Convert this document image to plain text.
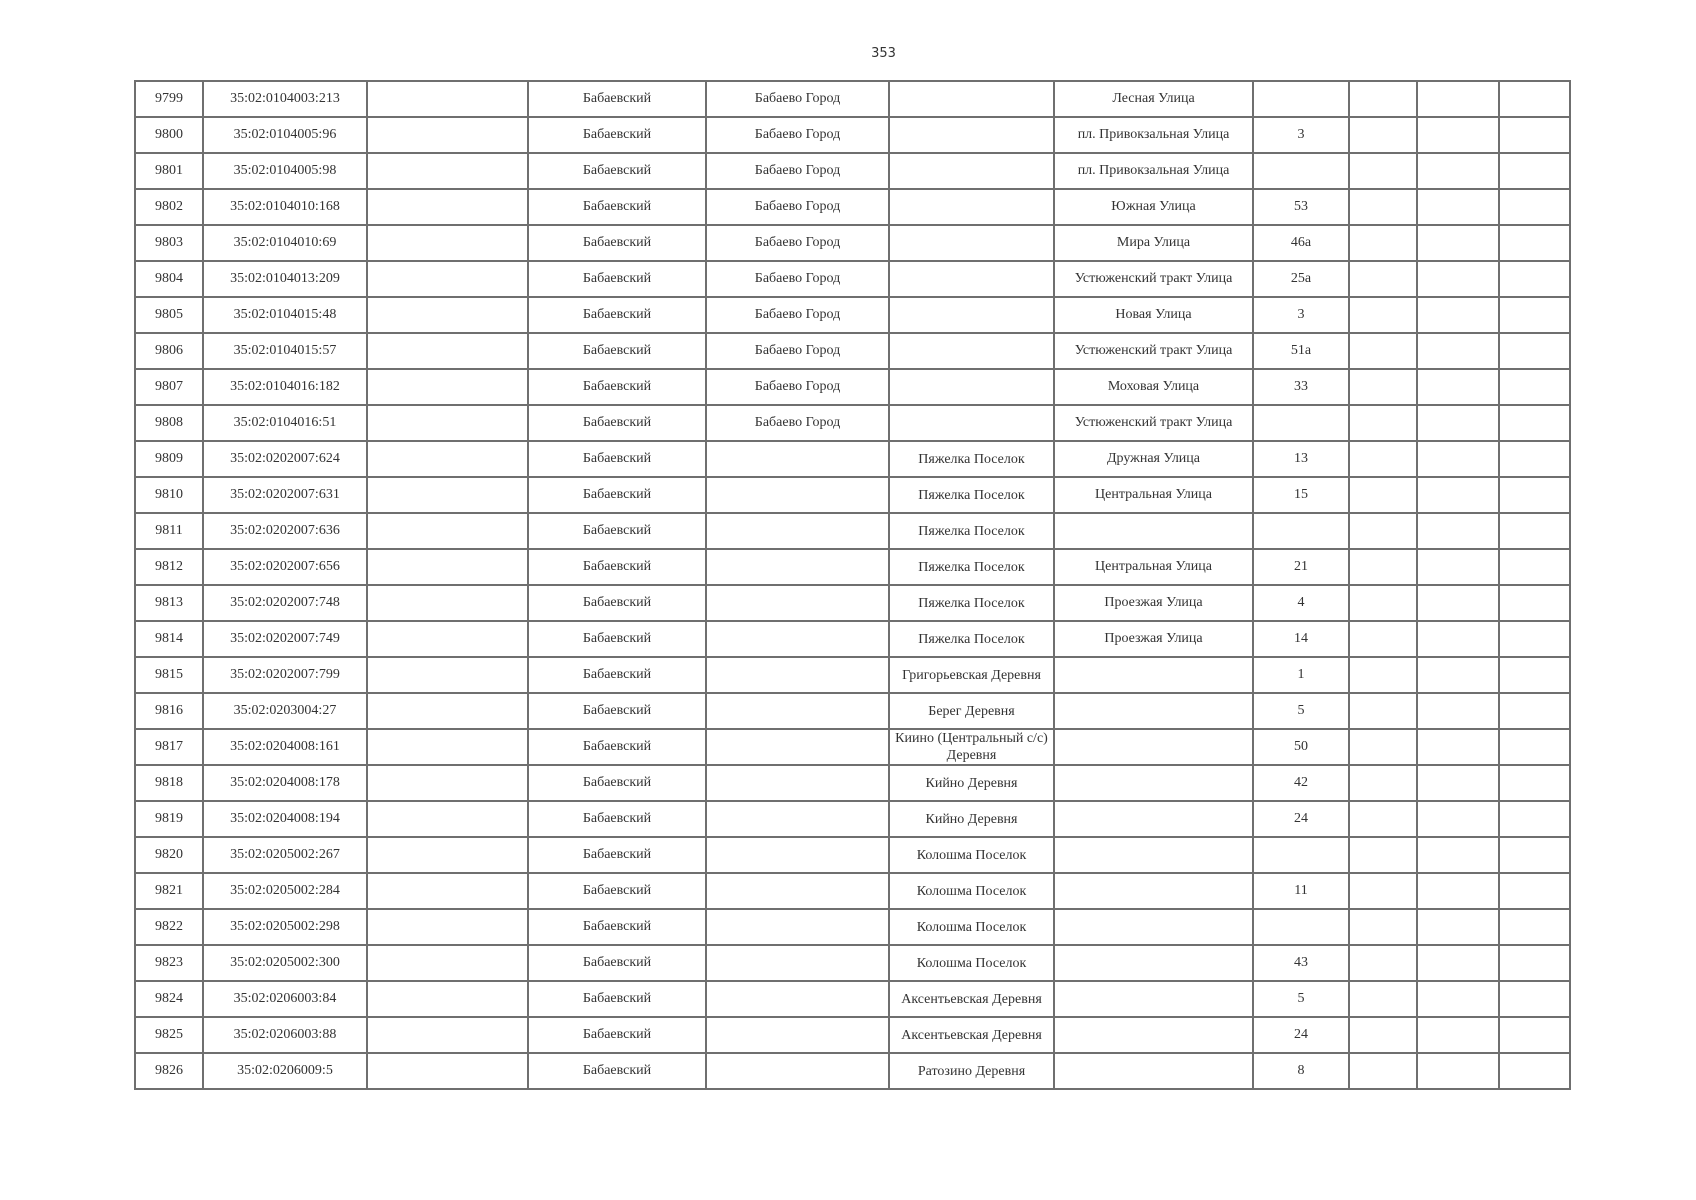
353
9799	35:02:0104003:213		Бабаевский	Бабаево Город		Лесная Улица				
9800	35:02:0104005:96		Бабаевский	Бабаево Город		пл. Привокзальная Улица	3			
9801	35:02:0104005:98		Бабаевский	Бабаево Город		пл. Привокзальная Улица				
9802	35:02:0104010:168		Бабаевский	Бабаево Город		Южная Улица	53			
9803	35:02:0104010:69		Бабаевский	Бабаево Город		Мира Улица	46а			
9804	35:02:0104013:209		Бабаевский	Бабаево Город		Устюженский тракт Улица	25а			
9805	35:02:0104015:48		Бабаевский	Бабаево Город		Новая Улица	3			
9806	35:02:0104015:57		Бабаевский	Бабаево Город		Устюженский тракт Улица	51а			
9807	35:02:0104016:182		Бабаевский	Бабаево Город		Моховая Улица	33			
9808	35:02:0104016:51		Бабаевский	Бабаево Город		Устюженский тракт Улица				
9809	35:02:0202007:624		Бабаевский		Пяжелка Поселок	Дружная Улица	13			
9810	35:02:0202007:631		Бабаевский		Пяжелка Поселок	Центральная Улица	15			
9811	35:02:0202007:636		Бабаевский		Пяжелка Поселок					
9812	35:02:0202007:656		Бабаевский		Пяжелка Поселок	Центральная Улица	21			
9813	35:02:0202007:748		Бабаевский		Пяжелка Поселок	Проезжая Улица	4			
9814	35:02:0202007:749		Бабаевский		Пяжелка Поселок	Проезжая Улица	14			
9815	35:02:0202007:799		Бабаевский		Григорьевская Деревня		1			
9816	35:02:0203004:27		Бабаевский		Берег Деревня		5			
9817	35:02:0204008:161		Бабаевский		Киино (Центральный с/с) Деревня		50			
9818	35:02:0204008:178		Бабаевский		Кийно Деревня		42			
9819	35:02:0204008:194		Бабаевский		Кийно Деревня		24			
9820	35:02:0205002:267		Бабаевский		Колошма Поселок					
9821	35:02:0205002:284		Бабаевский		Колошма Поселок		11			
9822	35:02:0205002:298		Бабаевский		Колошма Поселок					
9823	35:02:0205002:300		Бабаевский		Колошма Поселок		43			
9824	35:02:0206003:84		Бабаевский		Аксентьевская Деревня		5			
9825	35:02:0206003:88		Бабаевский		Аксентьевская Деревня		24			
9826	35:02:0206009:5		Бабаевский		Ратозино Деревня		8			
